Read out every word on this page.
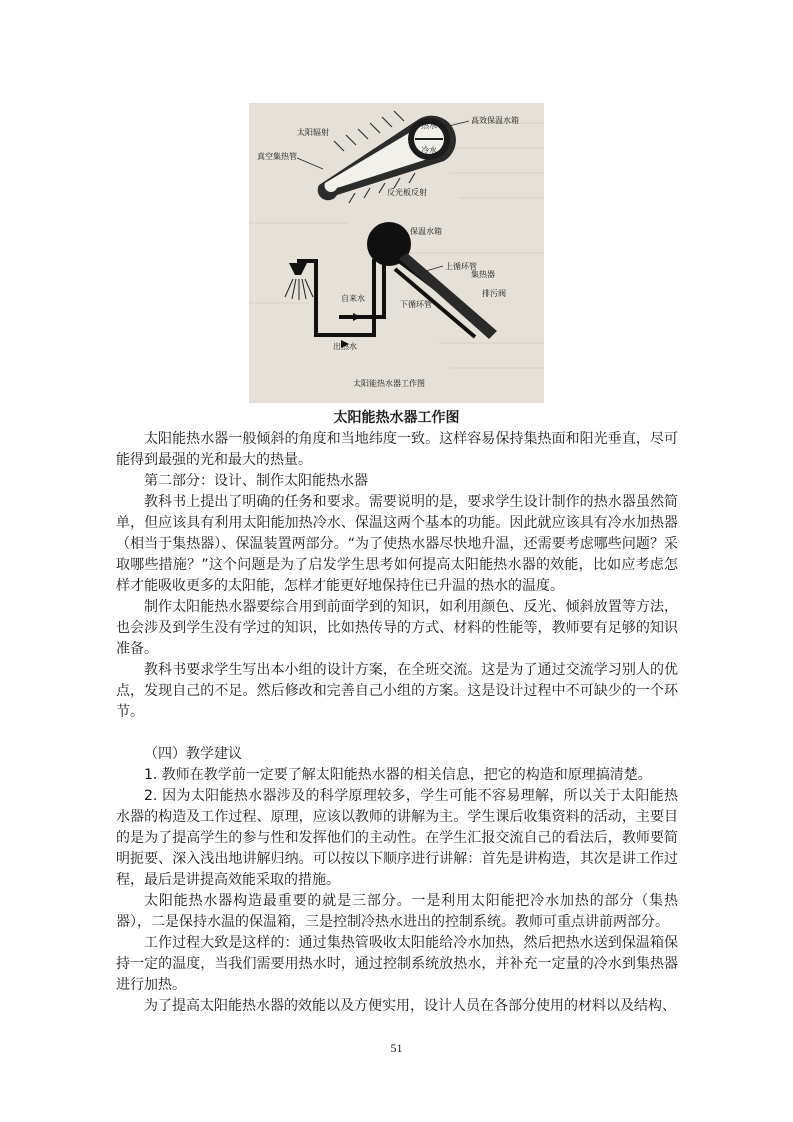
太阳辐射
热水
高效保温水箱
真空集热管
冷水
反光板反射
保温水箱
上循环管
集热器
自来水
排污阀
下循环管
出热水
太阳能热水器工作图
太阳能热水器工作图

太阳能热水器一般倾斜的角度和当地纬度一致。这样容易保持集热面和阳光垂直，尽可能得到最强的光和最大的热量。

第二部分：设计、制作太阳能热水器

教科书上提出了明确的任务和要求。需要说明的是，要求学生设计制作的热水器虽然简单，但应该具有利用太阳能加热冷水、保温这两个基本的功能。因此就应该具有冷水加热器（相当于集热器）、保温装置两部分。“为了使热水器尽快地升温，还需要考虑哪些问题？采取哪些措施？”这个问题是为了启发学生思考如何提高太阳能热水器的效能，比如应考虑怎样才能吸收更多的太阳能，怎样才能更好地保持住已升温的热水的温度。

制作太阳能热水器要综合用到前面学到的知识，如利用颜色、反光、倾斜放置等方法，也会涉及到学生没有学过的知识，比如热传导的方式、材料的性能等，教师要有足够的知识准备。

教科书要求学生写出本小组的设计方案，在全班交流。这是为了通过交流学习别人的优点，发现自己的不足。然后修改和完善自己小组的方案。这是设计过程中不可缺少的一个环节。

（四）教学建议

1. 教师在教学前一定要了解太阳能热水器的相关信息，把它的构造和原理搞清楚。

2. 因为太阳能热水器涉及的科学原理较多，学生可能不容易理解，所以关于太阳能热水器的构造及工作过程、原理，应该以教师的讲解为主。学生课后收集资料的活动，主要目的是为了提高学生的参与性和发挥他们的主动性。在学生汇报交流自己的看法后，教师要简明扼要、深入浅出地讲解归纳。可以按以下顺序进行讲解：首先是讲构造，其次是讲工作过程，最后是讲提高效能采取的措施。

太阳能热水器构造最重要的就是三部分。一是利用太阳能把冷水加热的部分（集热器），二是保持水温的保温箱，三是控制冷热水进出的控制系统。教师可重点讲前两部分。

工作过程大致是这样的：通过集热管吸收太阳能给冷水加热，然后把热水送到保温箱保持一定的温度，当我们需要用热水时，通过控制系统放热水，并补充一定量的冷水到集热器进行加热。

为了提高太阳能热水器的效能以及方便实用，设计人员在各部分使用的材料以及结构、

51
